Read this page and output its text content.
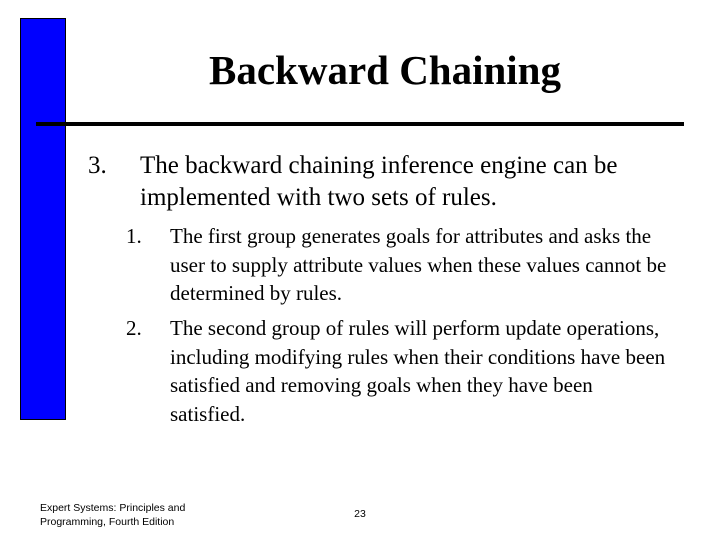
Backward Chaining
3. The backward chaining inference engine can be implemented with two sets of rules.
1. The first group generates goals for attributes and asks the user to supply attribute values when these values cannot be determined by rules.
2. The second group of rules will perform update operations, including modifying rules when their conditions have been satisfied and removing goals when they have been satisfied.
Expert Systems: Principles and
Programming, Fourth Edition
23
